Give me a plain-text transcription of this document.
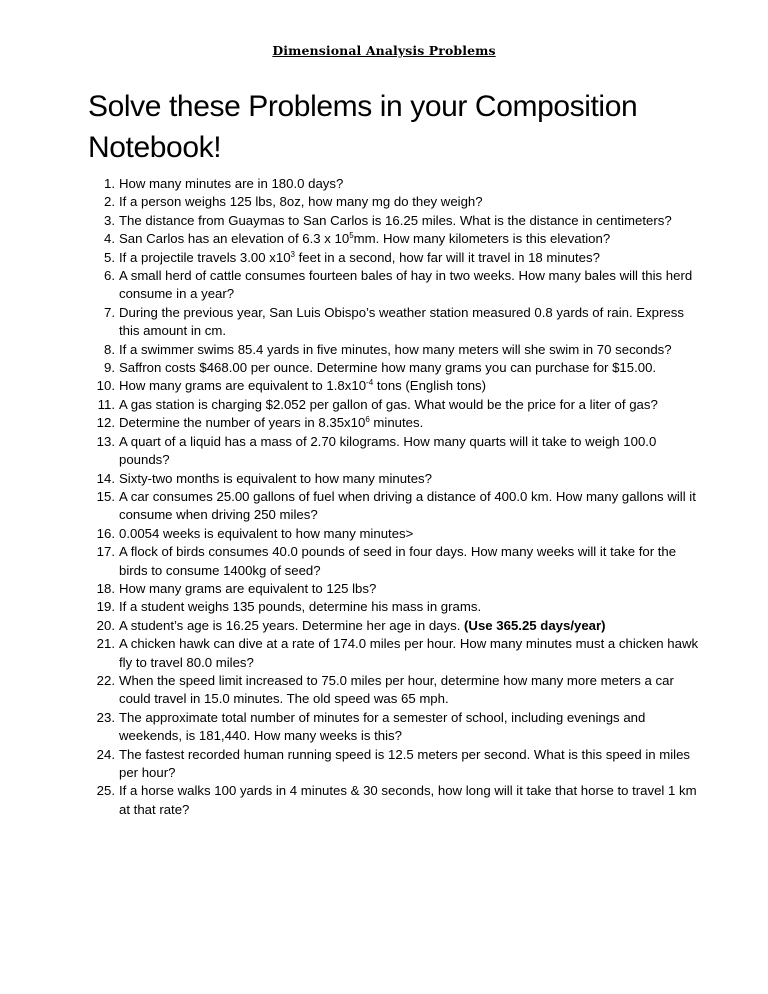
Dimensional Analysis Problems
Solve these Problems in your Composition Notebook!
1. How many minutes are in 180.0 days?
2. If a person weighs 125 lbs, 8oz, how many mg do they weigh?
3. The distance from Guaymas to San Carlos is 16.25 miles. What is the distance in centimeters?
4. San Carlos has an elevation of 6.3 x $10^5mm$. How many kilometers is this elevation?
5. If a projectile travels 3.00 $x10^3$ feet in a second, how far will it travel in 18 minutes?
6. A small herd of cattle consumes fourteen bales of hay in two weeks. How many bales will this herd consume in a year?
7. During the previous year, San Luis Obispo’s weather station measured 0.8 yards of rain. Express this amount in cm.
8. If a swimmer swims 85.4 yards in five minutes, how many meters will she swim in 70 seconds?
9. Saffron costs $468.00 per ounce. Determine how many grams you can purchase for $15.00.
10. How many grams are equivalent to $1.8x10^{-4}$ tons (English tons)
11. A gas station is charging $2.052 per gallon of gas. What would be the price for a liter of gas?
12. Determine the number of years in $8.35x10^6$ minutes.
13. A quart of a liquid has a mass of 2.70 kilograms. How many quarts will it take to weigh 100.0 pounds?
14. Sixty-two months is equivalent to how many minutes?
15. A car consumes 25.00 gallons of fuel when driving a distance of 400.0 km. How many gallons will it consume when driving 250 miles?
16. 0.0054 weeks is equivalent to how many minutes>
17. A flock of birds consumes 40.0 pounds of seed in four days. How many weeks will it take for the birds to consume 1400kg of seed?
18. How many grams are equivalent to 125 lbs?
19. If a student weighs 135 pounds, determine his mass in grams.
20. A student’s age is 16.25 years. Determine her age in days. (Use 365.25 days/year)
21. A chicken hawk can dive at a rate of 174.0 miles per hour. How many minutes must a chicken hawk fly to travel 80.0 miles?
22. When the speed limit increased to 75.0 miles per hour, determine how many more meters a car could travel in 15.0 minutes. The old speed was 65 mph.
23. The approximate total number of minutes for a semester of school, including evenings and weekends, is 181,440. How many weeks is this?
24. The fastest recorded human running speed is 12.5 meters per second. What is this speed in miles per hour?
25. If a horse walks 100 yards in 4 minutes & 30 seconds, how long will it take that horse to travel 1 km at that rate?
